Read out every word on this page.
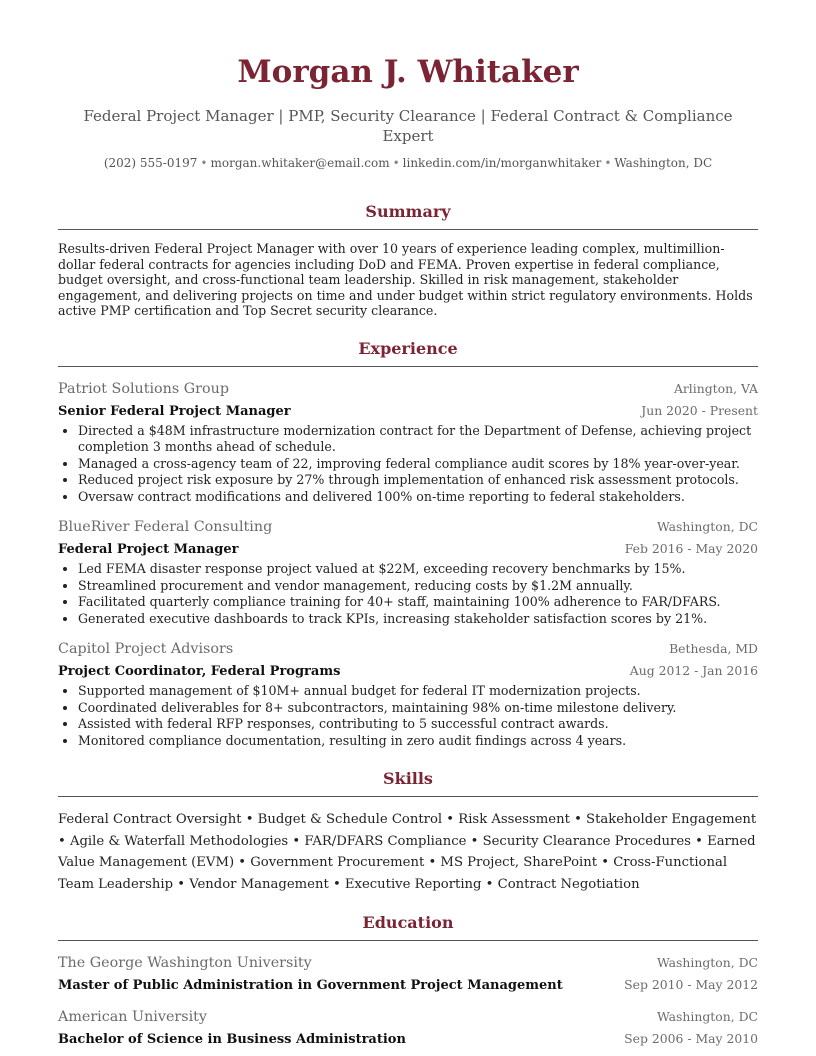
Morgan J. Whitaker
Federal Project Manager | PMP, Security Clearance | Federal Contract & Compliance Expert
(202) 555-0197 • morgan.whitaker@email.com • linkedin.com/in/morganwhitaker • Washington, DC
Summary
Results-driven Federal Project Manager with over 10 years of experience leading complex, multimillion-dollar federal contracts for agencies including DoD and FEMA. Proven expertise in federal compliance, budget oversight, and cross-functional team leadership. Skilled in risk management, stakeholder engagement, and delivering projects on time and under budget within strict regulatory environments. Holds active PMP certification and Top Secret security clearance.
Experience
Patriot Solutions Group	Arlington, VA
Senior Federal Project Manager	Jun 2020 - Present
• Directed a $48M infrastructure modernization contract for the Department of Defense, achieving project completion 3 months ahead of schedule.
• Managed a cross-agency team of 22, improving federal compliance audit scores by 18% year-over-year.
• Reduced project risk exposure by 27% through implementation of enhanced risk assessment protocols.
• Oversaw contract modifications and delivered 100% on-time reporting to federal stakeholders.
BlueRiver Federal Consulting	Washington, DC
Federal Project Manager	Feb 2016 - May 2020
• Led FEMA disaster response project valued at $22M, exceeding recovery benchmarks by 15%.
• Streamlined procurement and vendor management, reducing costs by $1.2M annually.
• Facilitated quarterly compliance training for 40+ staff, maintaining 100% adherence to FAR/DFARS.
• Generated executive dashboards to track KPIs, increasing stakeholder satisfaction scores by 21%.
Capitol Project Advisors	Bethesda, MD
Project Coordinator, Federal Programs	Aug 2012 - Jan 2016
• Supported management of $10M+ annual budget for federal IT modernization projects.
• Coordinated deliverables for 8+ subcontractors, maintaining 98% on-time milestone delivery.
• Assisted with federal RFP responses, contributing to 5 successful contract awards.
• Monitored compliance documentation, resulting in zero audit findings across 4 years.
Skills
Federal Contract Oversight • Budget & Schedule Control • Risk Assessment • Stakeholder Engagement • Agile & Waterfall Methodologies • FAR/DFARS Compliance • Security Clearance Procedures • Earned Value Management (EVM) • Government Procurement • MS Project, SharePoint • Cross-Functional Team Leadership • Vendor Management • Executive Reporting • Contract Negotiation
Education
The George Washington University	Washington, DC
Master of Public Administration in Government Project Management	Sep 2010 - May 2012
American University	Washington, DC
Bachelor of Science in Business Administration	Sep 2006 - May 2010
